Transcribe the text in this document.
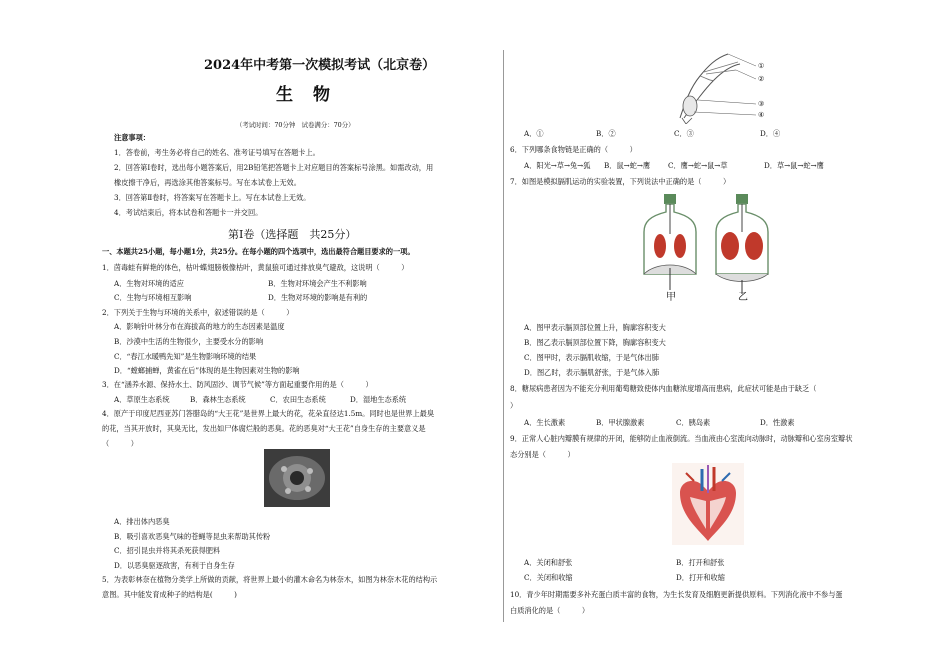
2024年中考第一次模拟考试（北京卷）
生物
（考试时间：70分钟　试卷满分：70分）
注意事项：
1．答卷前，考生务必将自己的姓名、准考证号填写在答题卡上。
2．回答第Ⅰ卷时，选出每小题答案后，用2B铅笔把答题卡上对应题目的答案标号涂黑。如需改动，用
橡皮擦干净后，再选涂其他答案标号。写在本试卷上无效。
3．回答第Ⅱ卷时，将答案写在答题卡上。写在本试卷上无效。
4．考试结束后，将本试卷和答题卡一并交回。
第Ⅰ卷（选择题　共25分）
一、本题共25小题，每小题1分，共25分。在每小题的四个选项中，选出最符合题目要求的一项。
1．茵毒蛙有鲜艳的体色，枯叶蝶翅膀极像枯叶，黄鼠狼可通过排放臭气避敌，这说明（　　　）
A．生物对环境的适应	B．生物对环境会产生不利影响
C．生物与环境相互影响	D．生物对环境的影响是有利的
2．下列关于生物与环境的关系中，叙述错误的是（　　　）
A．影响针叶林分布在海拔高的地方的生态因素是温度
B．沙漠中生活的生物很少，主要受水分的影响
C．“春江水暖鸭先知”是生物影响环境的结果
D．“螳螂捕蝉，黄雀在后”体现的是生物因素对生物的影响
3．在“涵养水源、保持水土、防风固沙、调节气候”等方面起重要作用的是（　　　）
A．草原生态系统	B．森林生态系统	C．农田生态系统	D．湿地生态系统
4．原产于印度尼西亚苏门答腊岛的“大王花”是世界上最大的花，花朵直径达1.5m。同时也是世界上最臭
的花，当其开放时，其臭无比，发出如尸体腐烂般的恶臭。花的恶臭对“大王花”自身生存的主要意义是
（　　　）
A．排出体内恶臭
B．吸引喜欢恶臭气味的苍蝇等昆虫来帮助其传粉
C．招引昆虫并将其杀死获得肥料
D．以恶臭驱逐敌害，有利于自身生存
5．为表彰林奈在植物分类学上所做的贡献，将世界上最小的灌木命名为林奈木，如图为林奈木花的结构示
意图。其中能发育成种子的结构是(　　　)
①
②
③
④
A．①	B．②	C．③	D．④
6．下列哪条食物链是正确的（　　　）
A．阳光→草→兔→狐 B．鼠→蛇→鹰 C．鹰→蛇→鼠→草	D．草→鼠→蛇→鹰
7．如图是模拟膈肌运动的实验装置，下列说法中正确的是（　　　）
甲	乙
A．图甲表示膈顶部位置上升，胸廓容积变大
B．图乙表示膈顶部位置下降，胸廓容积变大
C．图甲时，表示膈肌收缩，于是气体出肺
D．图乙时，表示膈肌舒张，于是气体入肺
8．糖尿病患者因为不能充分利用葡萄糖致使体内血糖浓度增高而患病，此症状可能是由于缺乏（
）
A．生长激素	B．甲状腺激素	C．胰岛素	D．性激素
9．正常人心脏内瓣膜有规律的开闭，能够防止血液倒流。当血液由心室流向动脉时，动脉瓣和心室房室瓣状
态分别是（　　　）
A．关闭和舒张	B．打开和舒张
C．关闭和收缩	D．打开和收缩
10．青少年时期需要多补充蛋白质丰富的食物，为生长发育及细胞更新提供原料。下列消化液中不参与蛋
白质消化的是（　　　）
